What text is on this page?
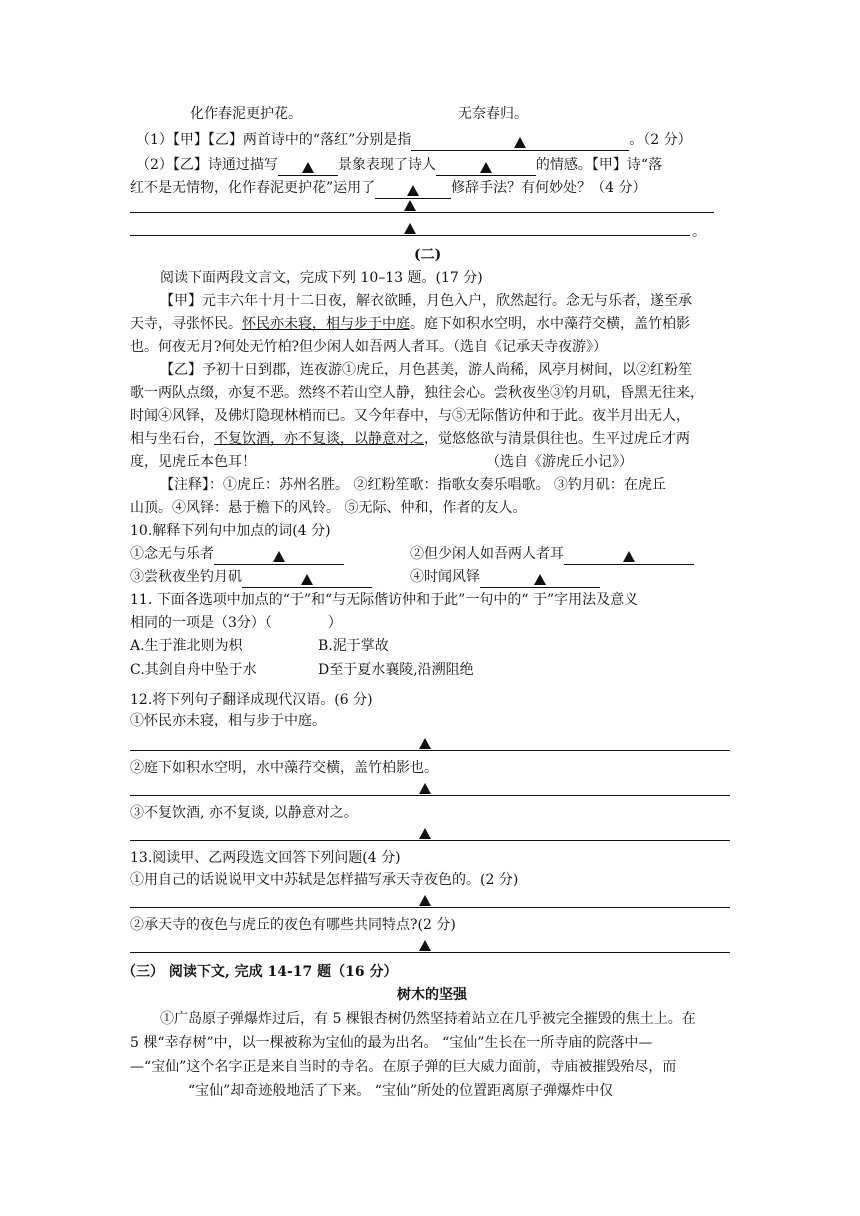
化作春泥更护花。	无奈春归。
（1）【甲】【乙】两首诗中的“落红”分别是指	。（2 分）
（2）【乙】诗通过描写	景象表现了诗人	的情感。【甲】诗“落
红不是无情物，化作春泥更护花”运用了	修辞手法？有何妙处？（4 分）
。
(二)
阅读下面两段文言文，完成下列 10–13 题。(17 分)
【甲】元丰六年十月十二日夜，解衣欲睡，月色入户，欣然起行。念无与乐者，遂至承
天寺，寻张怀民。怀民亦未寝，相与步于中庭。庭下如积水空明，水中藻荇交横，盖竹柏影
也。何夜无月?何处无竹柏?但少闲人如吾两人者耳。（选自《记承天寺夜游》）
【乙】予初十日到郡，连夜游①虎丘，月色甚美，游人尚稀，风亭月树间，以②红粉笙
歌一两队点缀，亦复不恶。然终不若山空人静，独往会心。尝秋夜坐③钓月矶，昏黑无往来，
时闻④风铎，及佛灯隐现林梢而已。又今年春中，与⑤无际偕访仲和于此。夜半月出无人，
相与坐石台，不复饮酒，亦不复谈，以静意对之，觉悠悠欲与清景俱往也。生平过虎丘才两
度，见虎丘本色耳！	（选自《游虎丘小记》）
【注释】：①虎丘：苏州名胜。 ②红粉笙歌：指歌女奏乐唱歌。 ③钓月矶：在虎丘
山顶。④风铎：悬于檐下的风铃。 ⑤无际、仲和，作者的友人。
10.解释下列句中加点的词(4 分)
①念无与乐者	②但少闲人如吾两人者耳
③尝秋夜坐钓月矶	④时闻风铎
11. 下面各选项中加点的“于”和“与无际偕访仲和于此”一句中的“ 于”字用法及意义
相同的一项是（3分）（　　　　）
A.生于淮北则为枳	B.泥于掌故
C.其剑自舟中坠于水	D至于夏水襄陵,沿溯阻绝
12.将下列句子翻译成现代汉语。(6 分)
①怀民亦未寝，相与步于中庭。
②庭下如积水空明，水中藻荇交横，盖竹柏影也。
③不复饮酒, 亦不复谈, 以静意对之。
13.阅读甲、乙两段选文回答下列问题(4 分)
①用自己的话说说甲文中苏轼是怎样描写承天寺夜色的。(2 分)
②承天寺的夜色与虎丘的夜色有哪些共同特点?(2 分)
（三） 阅读下文, 完成 14-17 题（16 分）
树木的坚强
①广岛原子弹爆炸过后，有 5 棵银杏树仍然坚持着站立在几乎被完全摧毁的焦土上。在
5 棵“幸存树”中，以一棵被称为宝仙的最为出名。 “宝仙”生长在一所寺庙的院落中—
—“宝仙”这个名字正是来自当时的寺名。在原子弹的巨大威力面前，寺庙被摧毁殆尽，而
“宝仙”却奇迹般地活了下来。 “宝仙”所处的位置距离原子弹爆炸中仅
